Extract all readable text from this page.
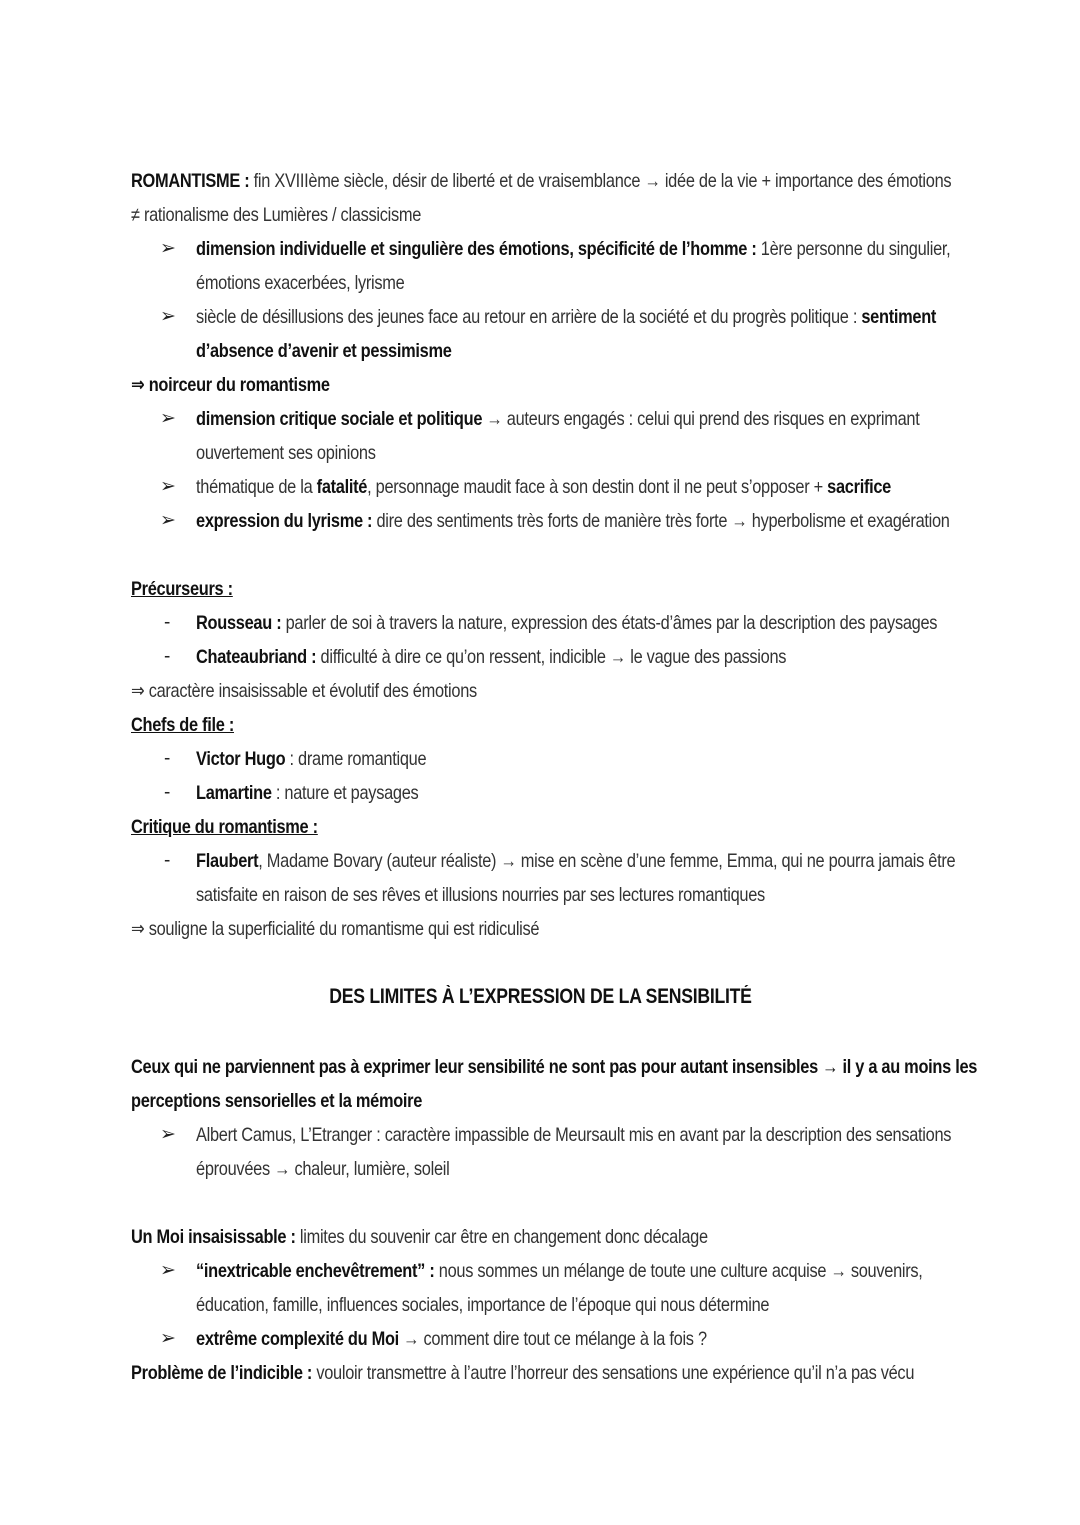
ROMANTISME : fin XVIIIème siècle, désir de liberté et de vraisemblance → idée de la vie + importance des émotions
≠ rationalisme des Lumières / classicisme
➢	dimension individuelle et singulière des émotions, spécificité de l’homme : 1ère personne du singulier,
émotions exacerbées, lyrisme
➢	siècle de désillusions des jeunes face au retour en arrière de la société et du progrès politique : sentiment
d’absence d’avenir et pessimisme
⇒ noirceur du romantisme
➢	dimension critique sociale et politique → auteurs engagés : celui qui prend des risques en exprimant
ouvertement ses opinions
➢	thématique de la fatalité, personnage maudit face à son destin dont il ne peut s’opposer + sacrifice
➢	expression du lyrisme : dire des sentiments très forts de manière très forte → hyperbolisme et exagération
Précurseurs :
-	Rousseau : parler de soi à travers la nature, expression des états-d’âmes par la description des paysages
-	Chateaubriand : difficulté à dire ce qu’on ressent, indicible → le vague des passions
⇒ caractère insaisissable et évolutif des émotions
Chefs de file :
-	Victor Hugo : drame romantique
-	Lamartine : nature et paysages
Critique du romantisme :
-	Flaubert, Madame Bovary (auteur réaliste) → mise en scène d’une femme, Emma, qui ne pourra jamais être
satisfaite en raison de ses rêves et illusions nourries par ses lectures romantiques
⇒ souligne la superficialité du romantisme qui est ridiculisé
DES LIMITES À L’EXPRESSION DE LA SENSIBILITÉ
Ceux qui ne parviennent pas à exprimer leur sensibilité ne sont pas pour autant insensibles → il y a au moins les
perceptions sensorielles et la mémoire
➢	Albert Camus, L’Etranger : caractère impassible de Meursault mis en avant par la description des sensations
éprouvées → chaleur, lumière, soleil
Un Moi insaisissable : limites du souvenir car être en changement donc décalage
➢	“inextricable enchevêtrement” : nous sommes un mélange de toute une culture acquise → souvenirs,
éducation, famille, influences sociales, importance de l’époque qui nous détermine
➢	extrême complexité du Moi → comment dire tout ce mélange à la fois ?
Problème de l’indicible : vouloir transmettre à l’autre l’horreur des sensations une expérience qu’il n’a pas vécu
